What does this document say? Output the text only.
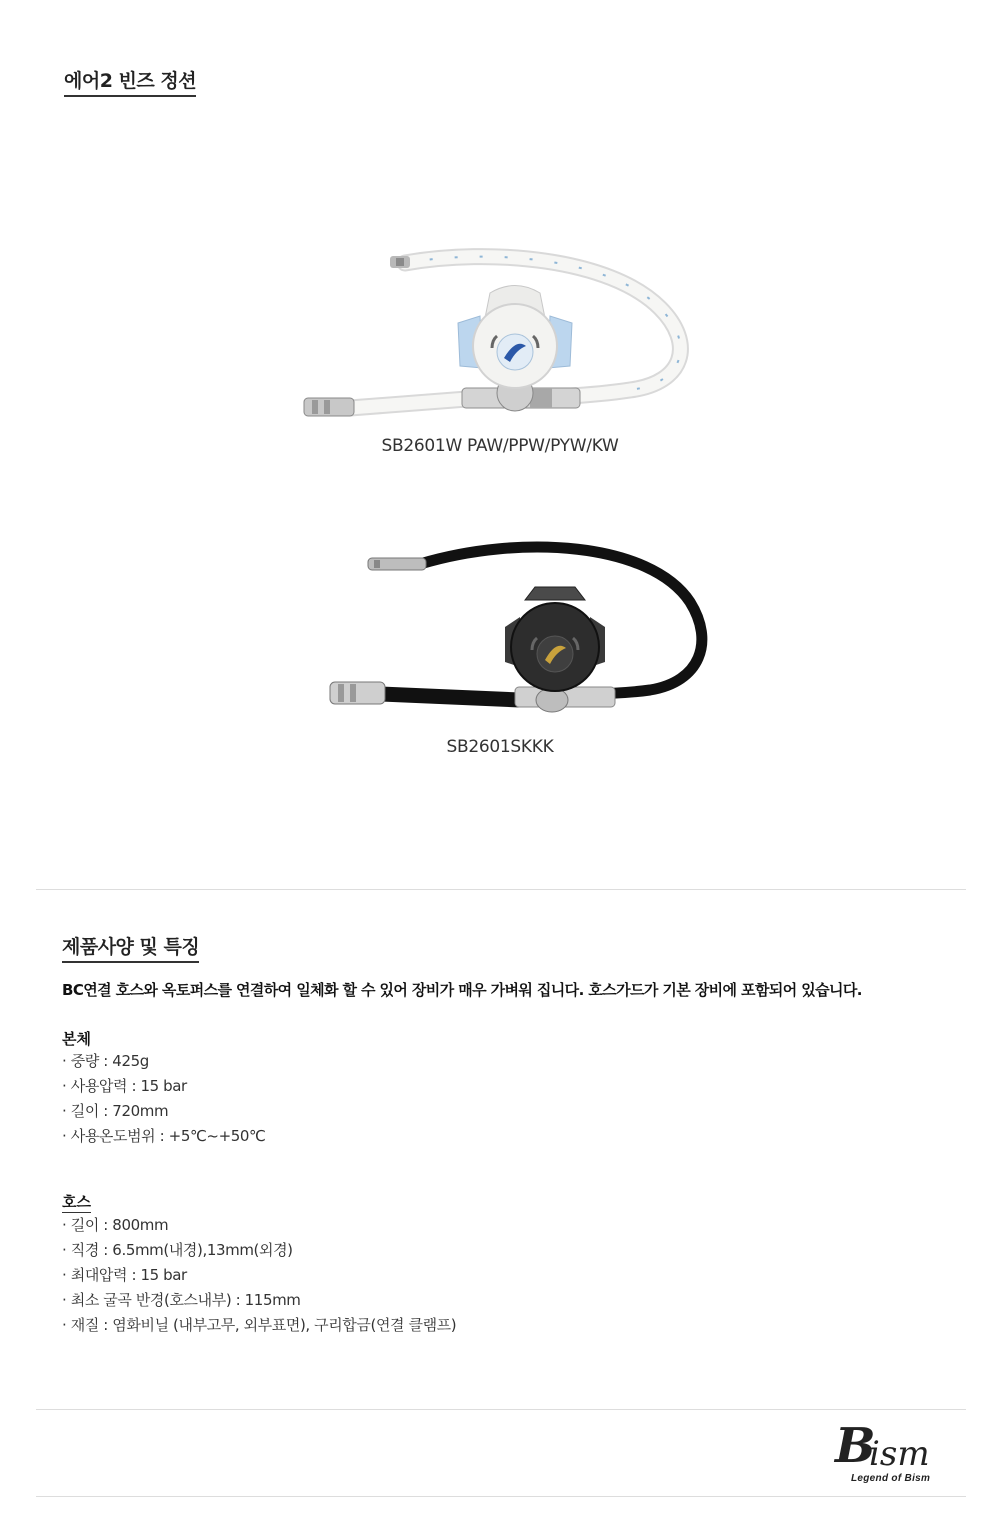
에어2 빈즈 정션
SB2601W PAW/PPW/PYW/KW
SB2601SKKK
제품사양 및 특징
BC연결 호스와 옥토퍼스를 연결하여 일체화 할 수 있어 장비가 매우 가벼워 집니다. 호스가드가 기본 장비에 포함되어 있습니다.
본체
· 중량 : 425g
· 사용압력 : 15 bar
· 길이 : 720mm
· 사용온도범위 : +5℃~+50℃
호스
· 길이 : 800mm
· 직경 : 6.5mm(내경),13mm(외경)
· 최대압력 : 15 bar
· 최소 굴곡 반경(호스내부) : 115mm
· 재질 : 염화비닐 (내부고무, 외부표면), 구리합금(연결 클램프)
B
ism
Legend of Bism
